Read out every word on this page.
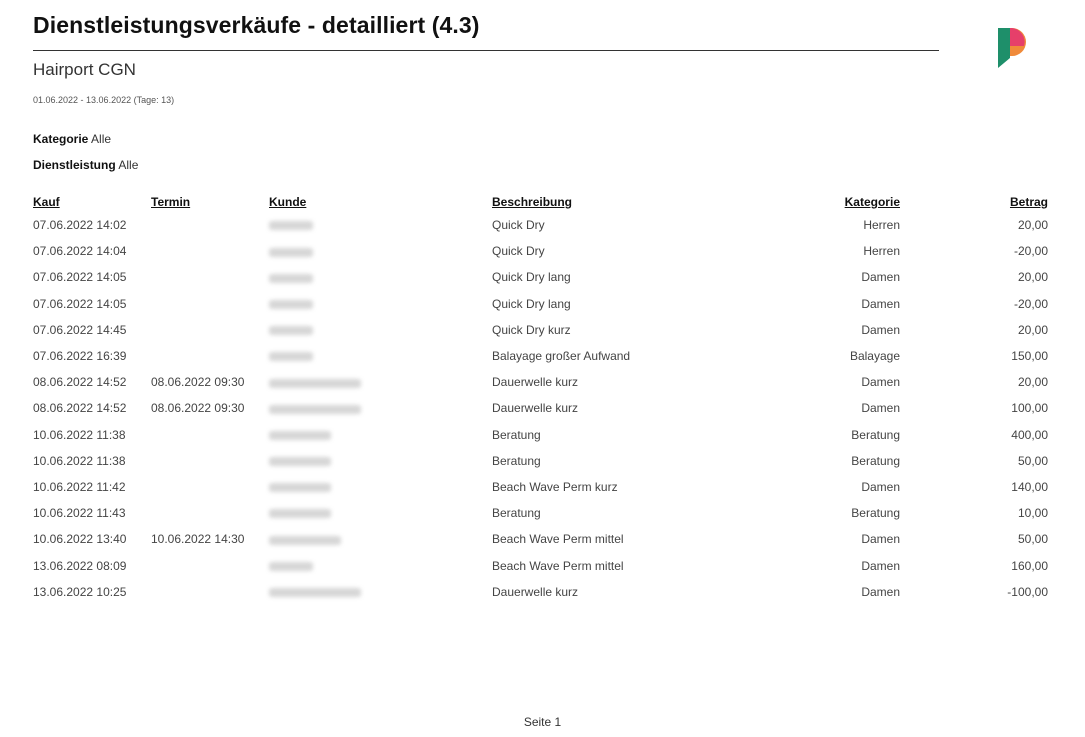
Dienstleistungsverkäufe - detailliert (4.3)
Hairport CGN
01.06.2022 - 13.06.2022 (Tage: 13)
Kategorie Alle
Dienstleistung Alle
Kauf	Termin	Kunde	Beschreibung	Kategorie	Betrag
07.06.2022 14:02			Quick Dry	Herren	20,00
07.06.2022 14:04			Quick Dry	Herren	-20,00
07.06.2022 14:05			Quick Dry lang	Damen	20,00
07.06.2022 14:05			Quick Dry lang	Damen	-20,00
07.06.2022 14:45			Quick Dry kurz	Damen	20,00
07.06.2022 16:39			Balayage großer Aufwand	Balayage	150,00
08.06.2022 14:52	08.06.2022 09:30		Dauerwelle kurz	Damen	20,00
08.06.2022 14:52	08.06.2022 09:30		Dauerwelle kurz	Damen	100,00
10.06.2022 11:38			Beratung	Beratung	400,00
10.06.2022 11:38			Beratung	Beratung	50,00
10.06.2022 11:42			Beach Wave Perm kurz	Damen	140,00
10.06.2022 11:43			Beratung	Beratung	10,00
10.06.2022 13:40	10.06.2022 14:30		Beach Wave Perm mittel	Damen	50,00
13.06.2022 08:09			Beach Wave Perm mittel	Damen	160,00
13.06.2022 10:25			Dauerwelle kurz	Damen	-100,00
Seite 1
